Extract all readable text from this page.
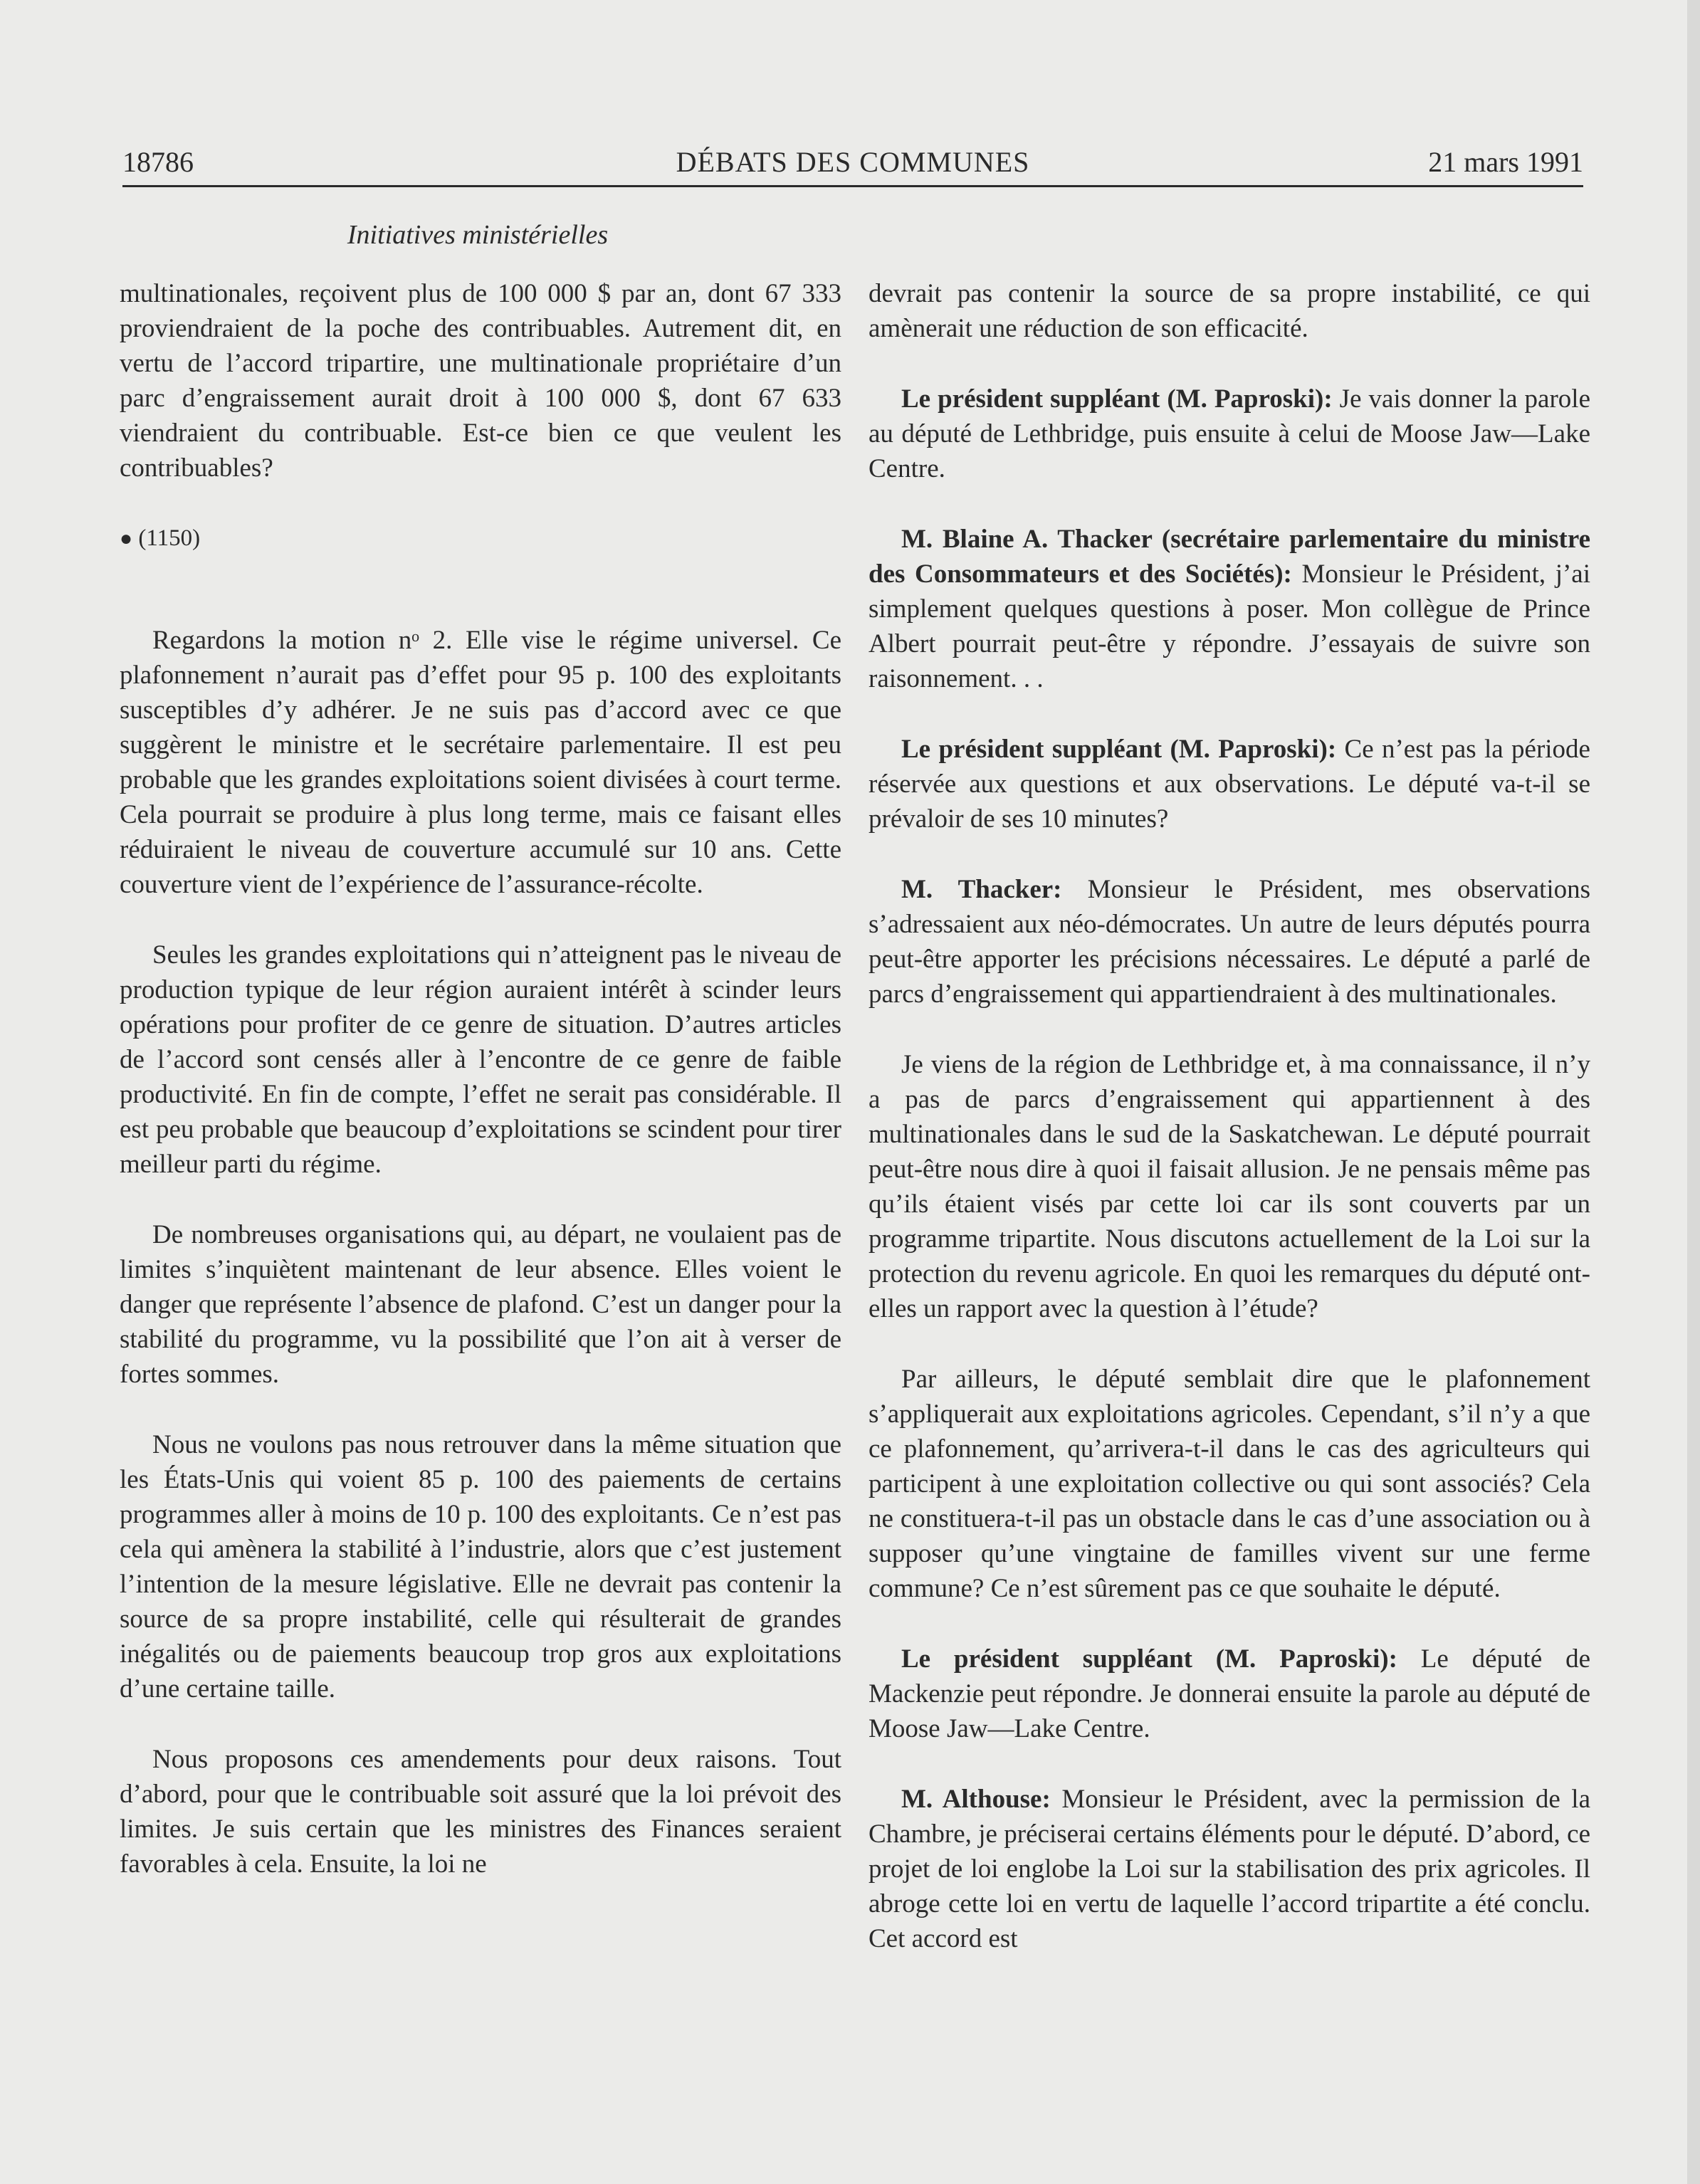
18786	DÉBATS DES COMMUNES	21 mars 1991
Initiatives ministérielles

multinationales, reçoivent plus de 100 000 $ par an, dont 67 333 proviendraient de la poche des contribuables. Autrement dit, en vertu de l’accord tripartire, une multinationale propriétaire d’un parc d’engraissement aurait droit à 100 000 $, dont 67 633 viendraient du contribuable. Est-ce bien ce que veulent les contribuables?

● (1150)

Regardons la motion nᵒ 2. Elle vise le régime universel. Ce plafonnement n’aurait pas d’effet pour 95 p. 100 des exploitants susceptibles d’y adhérer. Je ne suis pas d’accord avec ce que suggèrent le ministre et le secrétaire parlementaire. Il est peu probable que les grandes exploitations soient divisées à court terme. Cela pourrait se produire à plus long terme, mais ce faisant elles réduiraient le niveau de couverture accumulé sur 10 ans. Cette couverture vient de l’expérience de l’assurance-récolte.

Seules les grandes exploitations qui n’atteignent pas le niveau de production typique de leur région auraient intérêt à scinder leurs opérations pour profiter de ce genre de situation. D’autres articles de l’accord sont censés aller à l’encontre de ce genre de faible productivité. En fin de compte, l’effet ne serait pas considérable. Il est peu probable que beaucoup d’exploitations se scindent pour tirer meilleur parti du régime.

De nombreuses organisations qui, au départ, ne voulaient pas de limites s’inquiètent maintenant de leur absence. Elles voient le danger que représente l’absence de plafond. C’est un danger pour la stabilité du programme, vu la possibilité que l’on ait à verser de fortes sommes.

Nous ne voulons pas nous retrouver dans la même situation que les États-Unis qui voient 85 p. 100 des paiements de certains programmes aller à moins de 10 p. 100 des exploitants. Ce n’est pas cela qui amènera la stabilité à l’industrie, alors que c’est justement l’intention de la mesure législative. Elle ne devrait pas contenir la source de sa propre instabilité, celle qui résulterait de grandes inégalités ou de paiements beaucoup trop gros aux exploitations d’une certaine taille.

Nous proposons ces amendements pour deux raisons. Tout d’abord, pour que le contribuable soit assuré que la loi prévoit des limites. Je suis certain que les ministres des Finances seraient favorables à cela. Ensuite, la loi ne

devrait pas contenir la source de sa propre instabilité, ce qui amènerait une réduction de son efficacité.

Le président suppléant (M. Paproski): Je vais donner la parole au député de Lethbridge, puis ensuite à celui de Moose Jaw—Lake Centre.

M. Blaine A. Thacker (secrétaire parlementaire du ministre des Consommateurs et des Sociétés): Monsieur le Président, j’ai simplement quelques questions à poser. Mon collègue de Prince Albert pourrait peut-être y répondre. J’essayais de suivre son raisonnement. . .

Le président suppléant (M. Paproski): Ce n’est pas la période réservée aux questions et aux observations. Le député va-t-il se prévaloir de ses 10 minutes?

M. Thacker: Monsieur le Président, mes observations s’adressaient aux néo-démocrates. Un autre de leurs députés pourra peut-être apporter les précisions nécessaires. Le député a parlé de parcs d’engraissement qui appartiendraient à des multinationales.

Je viens de la région de Lethbridge et, à ma connaissance, il n’y a pas de parcs d’engraissement qui appartiennent à des multinationales dans le sud de la Saskatchewan. Le député pourrait peut-être nous dire à quoi il faisait allusion. Je ne pensais même pas qu’ils étaient visés par cette loi car ils sont couverts par un programme tripartite. Nous discutons actuellement de la Loi sur la protection du revenu agricole. En quoi les remarques du député ont-elles un rapport avec la question à l’étude?

Par ailleurs, le député semblait dire que le plafonnement s’appliquerait aux exploitations agricoles. Cependant, s’il n’y a que ce plafonnement, qu’arrivera-t-il dans le cas des agriculteurs qui participent à une exploitation collective ou qui sont associés? Cela ne constituera-t-il pas un obstacle dans le cas d’une association ou à supposer qu’une vingtaine de familles vivent sur une ferme commune? Ce n’est sûrement pas ce que souhaite le député.

Le président suppléant (M. Paproski): Le député de Mackenzie peut répondre. Je donnerai ensuite la parole au député de Moose Jaw—Lake Centre.

M. Althouse: Monsieur le Président, avec la permission de la Chambre, je préciserai certains éléments pour le député. D’abord, ce projet de loi englobe la Loi sur la stabilisation des prix agricoles. Il abroge cette loi en vertu de laquelle l’accord tripartite a été conclu. Cet accord est
